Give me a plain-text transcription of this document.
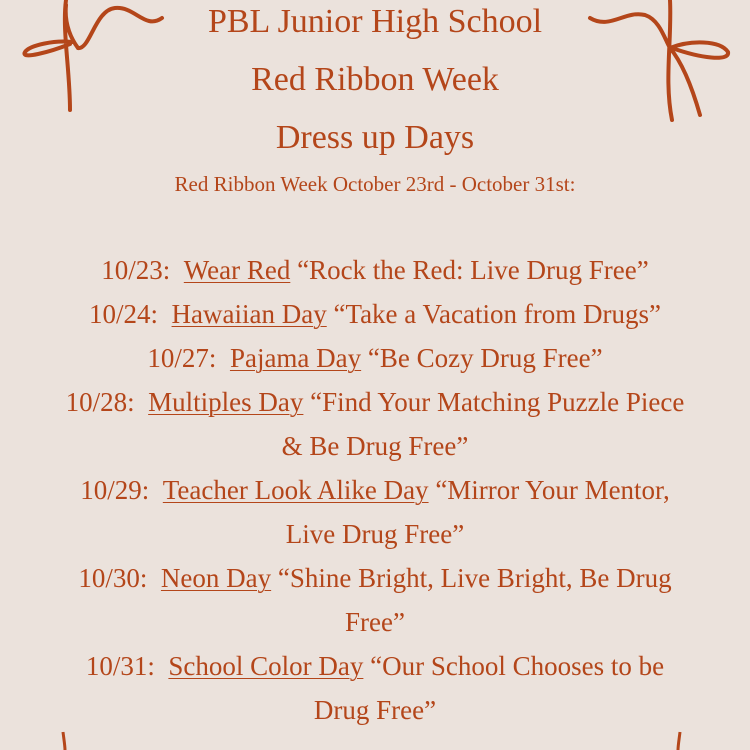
PBL Junior High School
Red Ribbon Week
Dress up Days
Red Ribbon Week October 23rd - October 31st:
10/23: Wear Red “Rock the Red: Live Drug Free”
10/24: Hawaiian Day “Take a Vacation from Drugs”
10/27: Pajama Day “Be Cozy Drug Free”
10/28: Multiples Day “Find Your Matching Puzzle Piece
& Be Drug Free”
10/29: Teacher Look Alike Day “Mirror Your Mentor,
Live Drug Free”
10/30: Neon Day “Shine Bright, Live Bright, Be Drug
Free”
10/31: School Color Day “Our School Chooses to be
Drug Free”
